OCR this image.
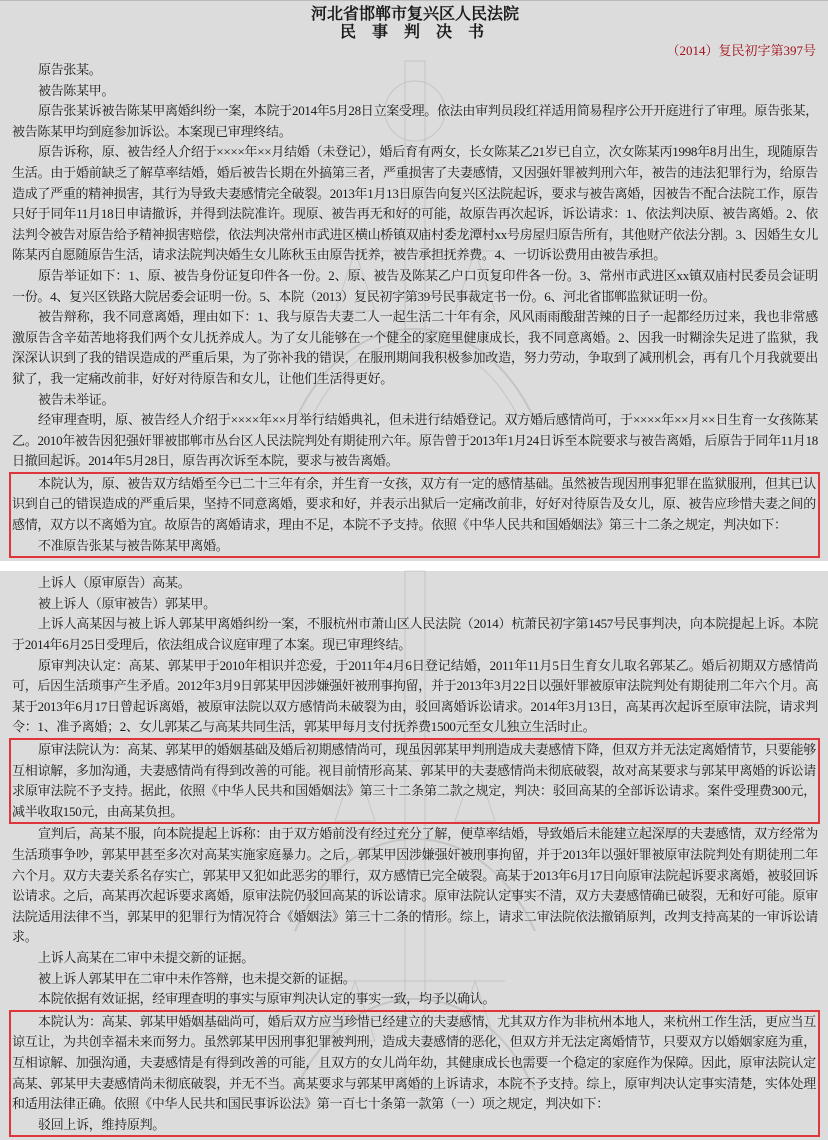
河北省邯郸市复兴区人民法院
民 事 判 决 书
（2014）复民初字第397号

原告张某。

被告陈某甲。

原告张某诉被告陈某甲离婚纠纷一案，本院于2014年5月28日立案受理。依法由审判员段红祥适用简易程序公开开庭进行了审理。原告张某，被告陈某甲均到庭参加诉讼。本案现已审理终结。

原告诉称，原、被告经人介绍于××××年××月结婚（未登记），婚后育有两女，长女陈某乙21岁已自立，次女陈某丙1998年8月出生，现随原告生活。由于婚前缺乏了解草率结婚，婚后被告长期在外搞第三者，严重损害了夫妻感情，又因强奸罪被判刑六年，被告的违法犯罪行为，给原告造成了严重的精神损害，其行为导致夫妻感情完全破裂。2013年1月13日原告向复兴区法院起诉，要求与被告离婚，因被告不配合法院工作，原告只好于同年11月18日申请撤诉，并得到法院准许。现原、被告再无和好的可能，故原告再次起诉，诉讼请求：1、依法判决原、被告离婚。2、依法判令被告对原告给予精神损害赔偿，依法判决常州市武进区横山桥镇双庙村委龙潭村xx号房屋归原告所有，其他财产依法分割。3、因婚生女儿陈某丙自愿随原告生活，请求法院判决婚生女儿陈秋玉由原告抚养，被告承担抚养费。4、一切诉讼费用由被告承担。

原告举证如下：1、原、被告身份证复印件各一份。2、原、被告及陈某乙户口页复印件各一份。3、常州市武进区xx镇双庙村民委员会证明一份。4、复兴区铁路大院居委会证明一份。5、本院（2013）复民初字第39号民事裁定书一份。6、河北省邯郸监狱证明一份。

被告辩称，我不同意离婚，理由如下：1、我与原告夫妻二人一起生活二十年有余，风风雨雨酸甜苦辣的日子一起都经历过来，我也非常感激原告含辛茹苦地将我们两个女儿抚养成人。为了女儿能够在一个健全的家庭里健康成长，我不同意离婚。2、因我一时糊涂失足进了监狱，我深深认识到了我的错误造成的严重后果，为了弥补我的错误，在服刑期间我积极参加改造，努力劳动，争取到了减刑机会，再有几个月我就要出狱了，我一定痛改前非，好好对待原告和女儿，让他们生活得更好。

被告未举证。

经审理查明，原、被告经人介绍于××××年××月举行结婚典礼，但未进行结婚登记。双方婚后感情尚可，于××××年××月××日生育一女孩陈某乙。2010年被告因犯强奸罪被邯郸市丛台区人民法院判处有期徒刑六年。原告曾于2013年1月24日诉至本院要求与被告离婚，后原告于同年11月18日撤回起诉。2014年5月28日，原告再次诉至本院，要求与被告离婚。

本院认为，原、被告双方结婚至今已二十三年有余，并生育一女孩，双方有一定的感情基础。虽然被告现因刑事犯罪在监狱服刑，但其已认识到自己的错误造成的严重后果，坚持不同意离婚，要求和好，并表示出狱后一定痛改前非，好好对待原告及女儿，原、被告应珍惜夫妻之间的感情，双方以不离婚为宜。故原告的离婚请求，理由不足，本院不予支持。依照《中华人民共和国婚姻法》第三十二条之规定，判决如下：

不准原告张某与被告陈某甲离婚。

上诉人（原审原告）高某。

被上诉人（原审被告）郭某甲。

上诉人高某因与被上诉人郭某甲离婚纠纷一案，不服杭州市萧山区人民法院（2014）杭萧民初字第1457号民事判决，向本院提起上诉。本院于2014年6月25日受理后，依法组成合议庭审理了本案。现已审理终结。

原审判决认定：高某、郭某甲于2010年相识并恋爱，于2011年4月6日登记结婚，2011年11月5日生育女儿取名郭某乙。婚后初期双方感情尚可，后因生活琐事产生矛盾。2012年3月9日郭某甲因涉嫌强奸被刑事拘留，并于2013年3月22日以强奸罪被原审法院判处有期徒刑二年六个月。高某于2013年6月17日曾起诉离婚，被原审法院以双方感情尚未破裂为由，驳回离婚诉讼请求。2014年3月13日，高某再次起诉至原审法院，请求判令：1、准予离婚；2、女儿郭某乙与高某共同生活，郭某甲每月支付抚养费1500元至女儿独立生活时止。

原审法院认为：高某、郭某甲的婚姻基础及婚后初期感情尚可，现虽因郭某甲判刑造成夫妻感情下降，但双方并无法定离婚情节，只要能够互相谅解，多加沟通，夫妻感情尚有得到改善的可能。视目前情形高某、郭某甲的夫妻感情尚未彻底破裂，故对高某要求与郭某甲离婚的诉讼请求原审法院不予支持。据此，依照《中华人民共和国婚姻法》第三十二条第二款之规定，判决：驳回高某的全部诉讼请求。案件受理费300元，减半收取150元，由高某负担。

宣判后，高某不服，向本院提起上诉称：由于双方婚前没有经过充分了解，便草率结婚，导致婚后未能建立起深厚的夫妻感情，双方经常为生活琐事争吵，郭某甲甚至多次对高某实施家庭暴力。之后，郭某甲因涉嫌强奸被刑事拘留，并于2013年以强奸罪被原审法院判处有期徒刑二年六个月。双方夫妻关系名存实亡，郭某甲又犯如此恶劣的罪行，双方感情已完全破裂。高某于2013年6月17日向原审法院起诉要求离婚，被驳回诉讼请求。之后，高某再次起诉要求离婚，原审法院仍驳回高某的诉讼请求。原审法院认定事实不清，双方夫妻感情确已破裂，无和好可能。原审法院适用法律不当，郭某甲的犯罪行为情况符合《婚姻法》第三十二条的情形。综上，请求二审法院依法撤销原判，改判支持高某的一审诉讼请求。

上诉人高某在二审中未提交新的证据。

被上诉人郭某甲在二审中未作答辩，也未提交新的证据。

本院依据有效证据，经审理查明的事实与原审判决认定的事实一致，均予以确认。

本院认为：高某、郭某甲婚姻基础尚可，婚后双方应当珍惜已经建立的夫妻感情，尤其双方作为非杭州本地人，来杭州工作生活，更应当互谅互让，为共创幸福未来而努力。虽然郭某甲因刑事犯罪被判刑，造成夫妻感情的恶化，但双方并无法定离婚情节，只要双方以婚姻家庭为重，互相谅解、加强沟通，夫妻感情是有得到改善的可能，且双方的女儿尚年幼，其健康成长也需要一个稳定的家庭作为保障。因此，原审法院认定高某、郭某甲夫妻感情尚未彻底破裂，并无不当。高某要求与郭某甲离婚的上诉请求，本院不予支持。综上，原审判决认定事实清楚，实体处理和适用法律正确。依照《中华人民共和国民事诉讼法》第一百七十条第一款第（一）项之规定，判决如下：

驳回上诉，维持原判。
